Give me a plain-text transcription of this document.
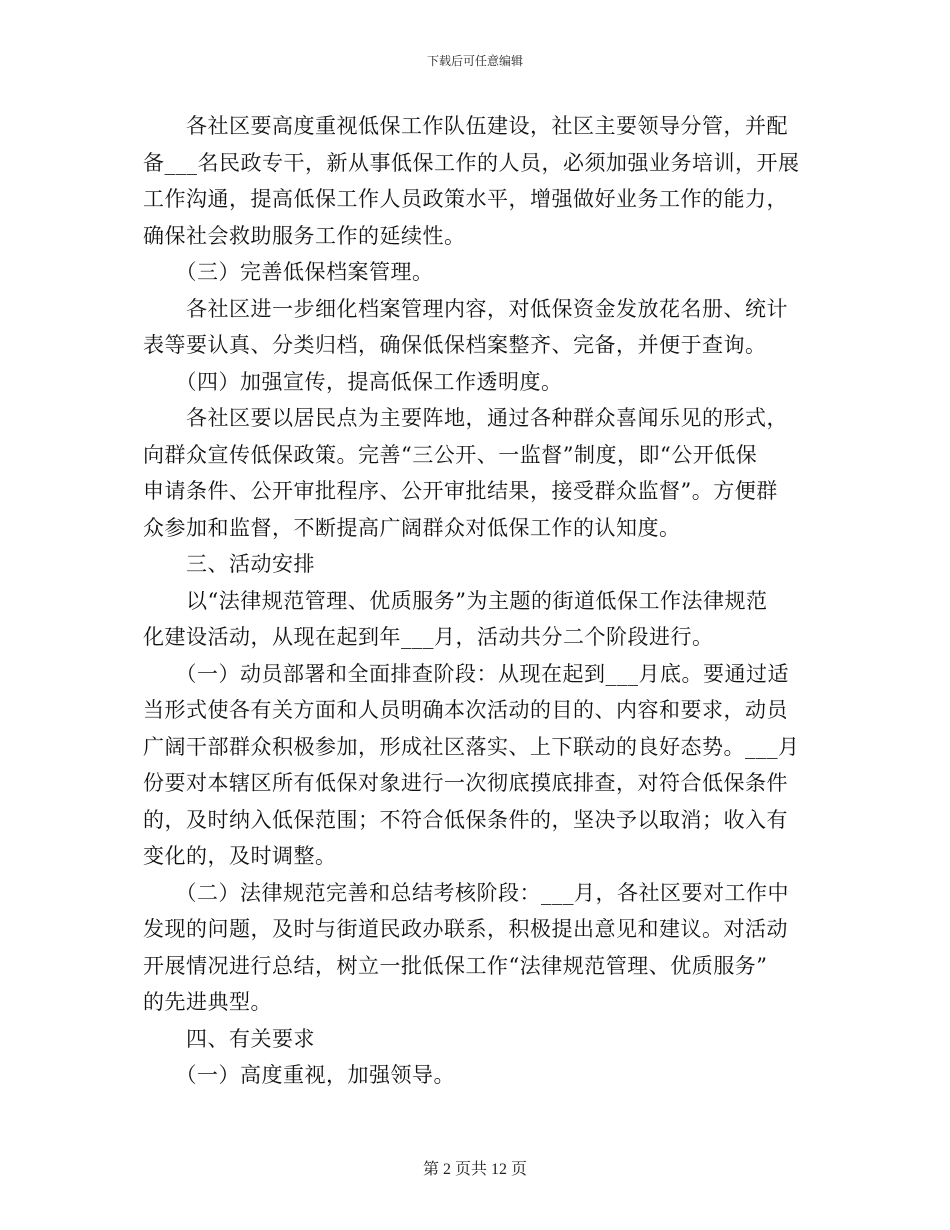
下载后可任意编辑
　　各社区要高度重视低保工作队伍建设，社区主要领导分管，并配
备___名民政专干，新从事低保工作的人员，必须加强业务培训，开展
工作沟通，提高低保工作人员政策水平，增强做好业务工作的能力，
确保社会救助服务工作的延续性。
　　（三）完善低保档案管理。
　　各社区进一步细化档案管理内容，对低保资金发放花名册、统计
表等要认真、分类归档，确保低保档案整齐、完备，并便于查询。
　　（四）加强宣传，提高低保工作透明度。
　　各社区要以居民点为主要阵地，通过各种群众喜闻乐见的形式，
向群众宣传低保政策。完善“三公开、一监督”制度，即“公开低保
申请条件、公开审批程序、公开审批结果，接受群众监督”。方便群
众参加和监督，不断提高广阔群众对低保工作的认知度。
　　三、活动安排
　　以“法律规范管理、优质服务”为主题的街道低保工作法律规范
化建设活动，从现在起到年___月，活动共分二个阶段进行。
　　（一）动员部署和全面排查阶段：从现在起到___月底。要通过适
当形式使各有关方面和人员明确本次活动的目的、内容和要求，动员
广阔干部群众积极参加，形成社区落实、上下联动的良好态势。___月
份要对本辖区所有低保对象进行一次彻底摸底排查，对符合低保条件
的，及时纳入低保范围；不符合低保条件的，坚决予以取消；收入有
变化的，及时调整。
　　（二）法律规范完善和总结考核阶段：___月，各社区要对工作中
发现的问题，及时与街道民政办联系，积极提出意见和建议。对活动
开展情况进行总结，树立一批低保工作“法律规范管理、优质服务”
的先进典型。
　　四、有关要求
　　（一）高度重视，加强领导。
第 2 页共 12 页
